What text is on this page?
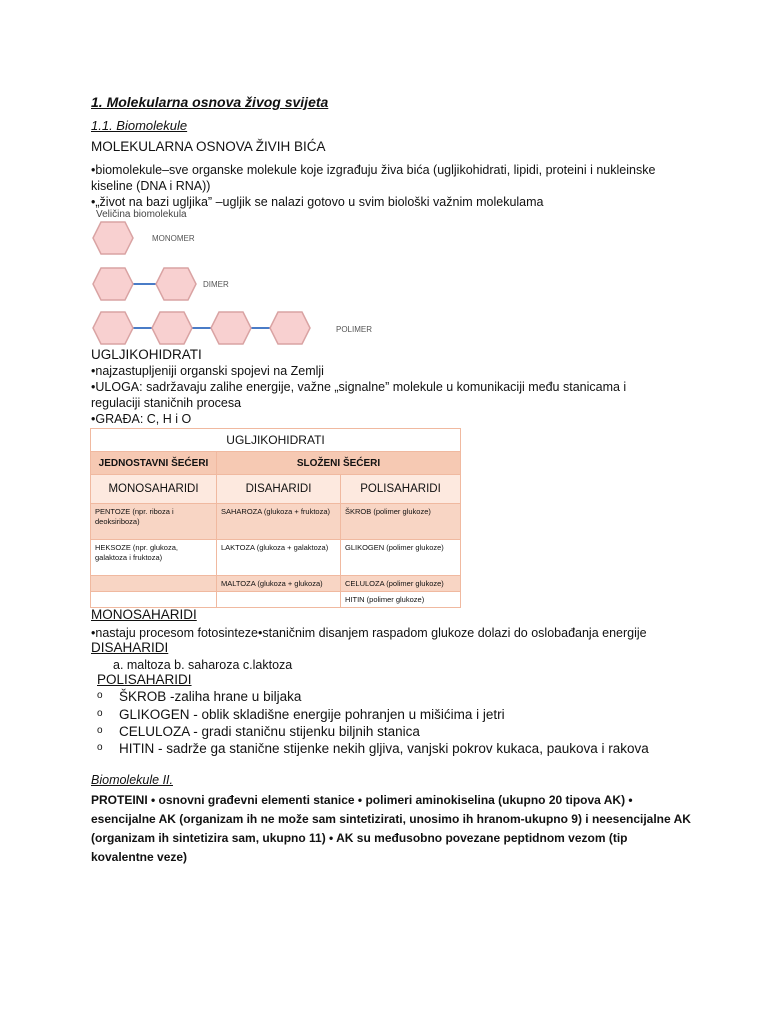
1. Molekularna osnova živog svijeta
1.1. Biomolekule
MOLEKULARNA OSNOVA ŽIVIH BIĆA
•biomolekule–sve organske molekule koje izgrađuju živa bića (ugljikohidrati, lipidi, proteini i nukleinske
kiseline (DNA i RNA))
•„život na bazi ugljika” –ugljik se nalazi gotovo u svim biološki važnim molekulama
Veličina biomolekula
MONOMER
DIMER
POLIMER
UGLJIKOHIDRATI
•najzastupljeniji organski spojevi na Zemlji
•ULOGA: sadržavaju zalihe energije, važne „signalne” molekule u komunikaciji među stanicama i
regulaciji staničnih procesa
•GRAĐA: C, H i O
UGLJIKOHIDRATI		
JEDNOSTAVNI ŠEĆERI	SLOŽENI ŠEĆERI	
MONOSAHARIDI	DISAHARIDI	POLISAHARIDI
PENTOZE (npr. riboza i deoksiriboza)	SAHAROZA (glukoza + fruktoza)	ŠKROB (polimer glukoze)
HEKSOZE (npr. glukoza, galaktoza i fruktoza)	LAKTOZA (glukoza + galaktoza)	GLIKOGEN (polimer glukoze)
	MALTOZA (glukoza + glukoza)	CELULOZA (polimer glukoze)
		HITIN (polimer glukoze)
MONOSAHARIDI
•nastaju procesom fotosinteze•staničnim disanjem raspadom glukoze dolazi do oslobađanja energije
DISAHARIDI
a. maltoza b. saharoza c.laktoza
POLISAHARIDI
o ŠKROB -zaliha hrane u biljaka
o GLIKOGEN - oblik skladišne energije pohranjen u mišićima i jetri
o CELULOZA - gradi staničnu stijenku biljnih stanica
o HITIN - sadrže ga stanične stijenke nekih gljiva, vanjski pokrov kukaca, paukova i rakova
Biomolekule II.
PROTEINI • osnovni građevni elementi stanice • polimeri aminokiselina (ukupno 20 tipova AK) • esencijalne AK (organizam ih ne može sam sintetizirati, unosimo ih hranom-ukupno 9) i neesencijalne AK (organizam ih sintetizira sam, ukupno 11) • AK su međusobno povezane peptidnom vezom (tip kovalentne veze)
